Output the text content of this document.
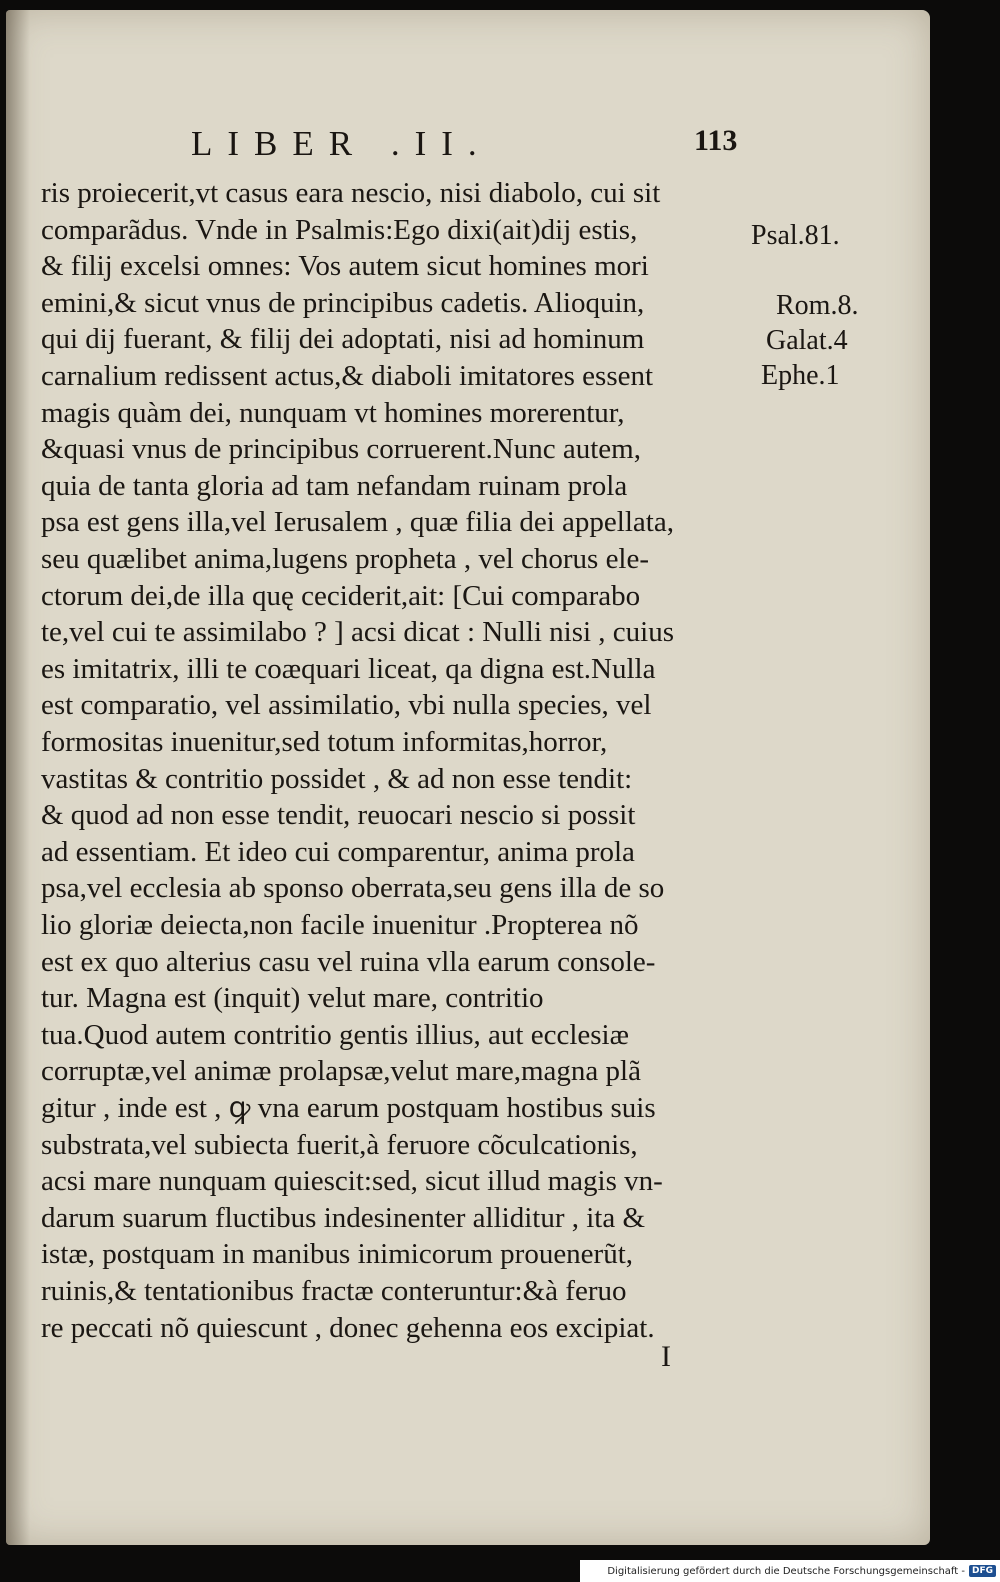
LIBER .II.	113
ris proiecerit,vt casus eara nescio, nisi diabolo, cui sit
comparãdus. Vnde in Psalmis:Ego dixi(ait)dij estis,
& filij excelsi omnes: Vos autem sicut homines mori
emini,& sicut vnus de principibus cadetis. Alioquin,
qui dij fuerant, & filij dei adoptati, nisi ad hominum
carnalium redissent actus,& diaboli imitatores essent
magis quàm dei, nunquam vt homines morerentur,
&quasi vnus de principibus corruerent.Nunc autem,
quia de tanta gloria ad tam nefandam ruinam prola
psa est gens illa,vel Ierusalem , quæ filia dei appellata,
seu quælibet anima,lugens propheta , vel chorus ele-
ctorum dei,de illa quę ceciderit,ait: [Cui comparabo
te,vel cui te assimilabo ? ] acsi dicat : Nulli nisi , cuius
es imitatrix, illi te coæquari liceat, qa digna est.Nulla
est comparatio, vel assimilatio, vbi nulla species, vel
formositas inuenitur,sed totum informitas,horror,
vastitas & contritio possidet , & ad non esse tendit:
& quod ad non esse tendit, reuocari nescio si possit
ad essentiam. Et ideo cui comparentur, anima prola
psa,vel ecclesia ab sponso oberrata,seu gens illa de so
lio gloriæ deiecta,non facile inuenitur .Propterea nõ
est ex quo alterius casu vel ruina vlla earum console-
tur. Magna est (inquit) velut mare, contritio
tua.Quod autem contritio gentis illius, aut ecclesiæ
corruptæ,vel animæ prolapsæ,velut mare,magna plã
gitur , inde est , ꝙ vna earum postquam hostibus suis
substrata,vel subiecta fuerit,à feruore cõculcationis,
acsi mare nunquam quiescit:sed, sicut illud magis vn-
darum suarum fluctibus indesinenter alliditur , ita &
istæ, postquam in manibus inimicorum prouenerũt,
ruinis,& tentationibus fractæ conteruntur:&à feruo
re peccati nõ quiescunt , donec gehenna eos excipiat.
Psal.81.
Rom.8.
Galat.4
Ephe.1
I
Digitalisierung gefördert durch die Deutsche Forschungsgemeinschaft - DFG
